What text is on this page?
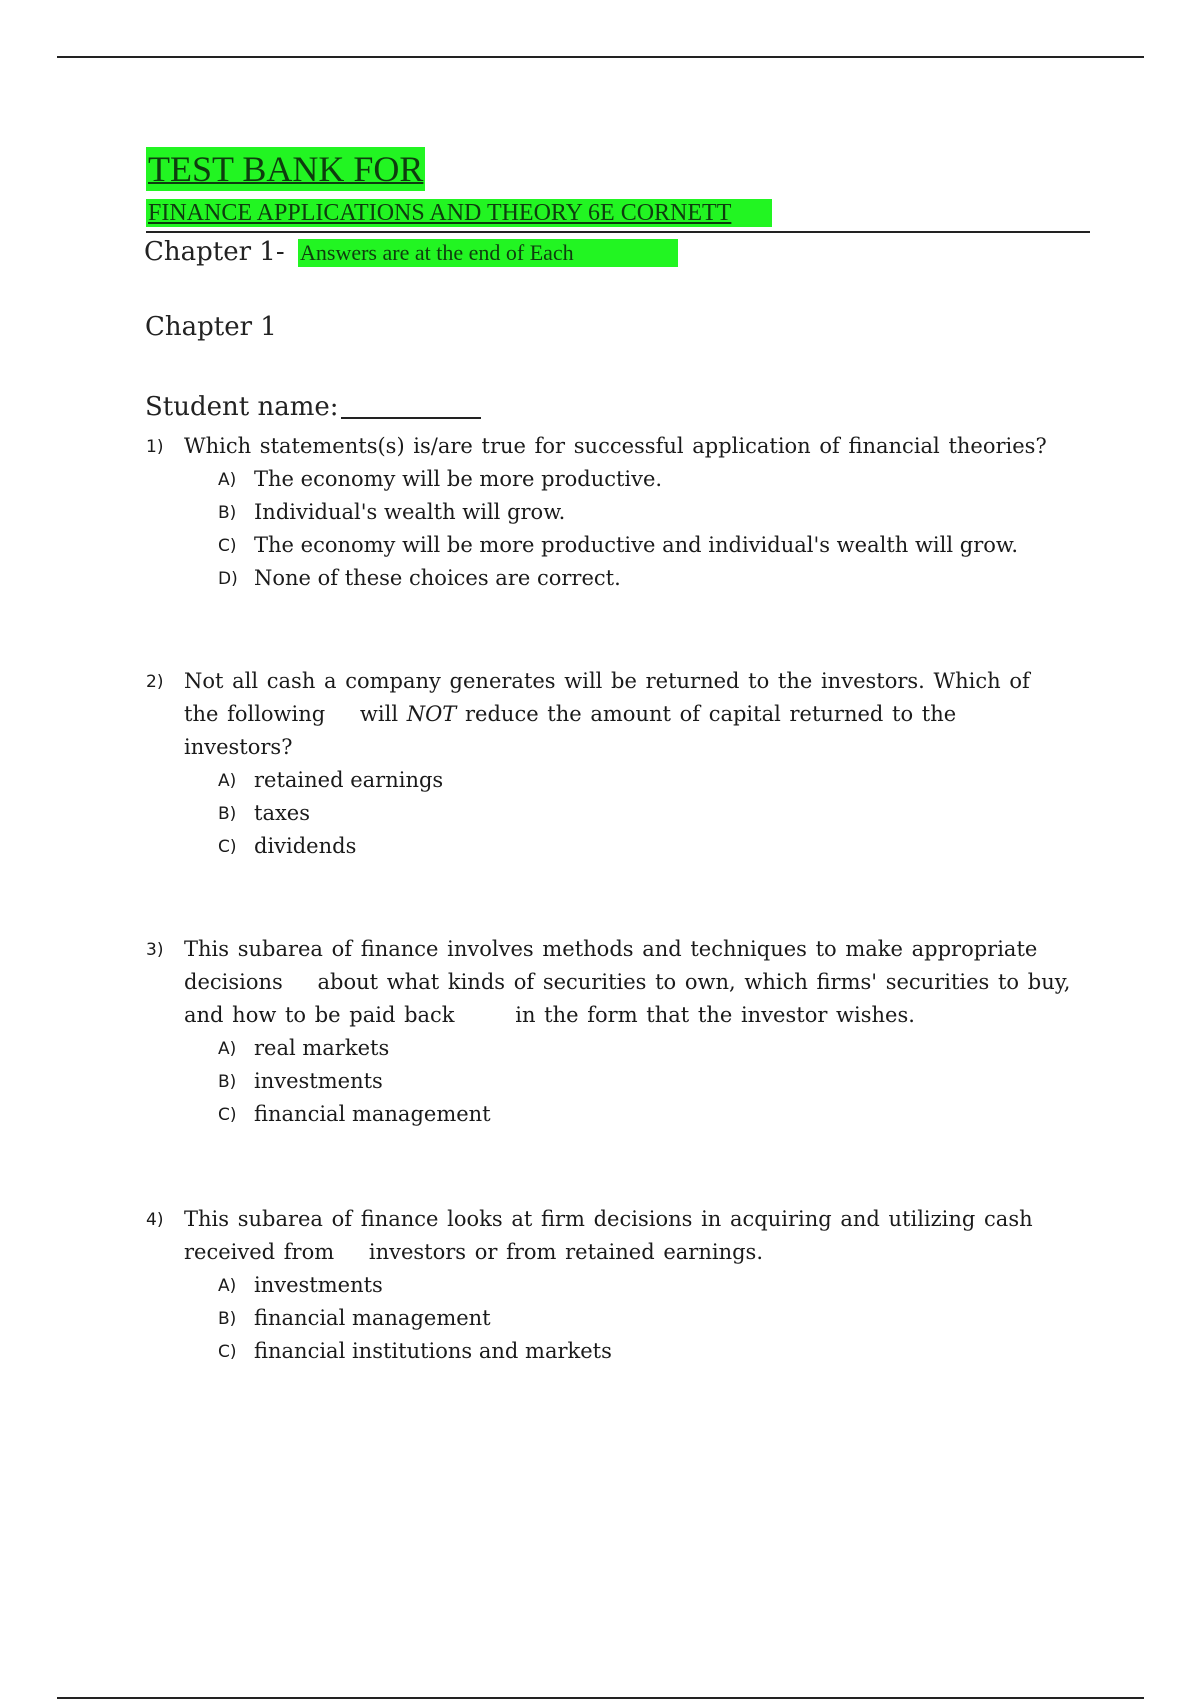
TEST BANK FOR
FINANCE APPLICATIONS AND THEORY 6E CORNETT
Chapter 1- Answers are at the end of Each
Chapter 1
Student name:
1) Which statements(s) is/are true for successful application of financial theories?
A) The economy will be more productive.
B) Individual's wealth will grow.
C) The economy will be more productive and individual's wealth will grow.
D) None of these choices are correct.
2) Not all cash a company generates will be returned to the investors. Which of
the following    will NOT reduce the amount of capital returned to the
investors?
A) retained earnings
B) taxes
C) dividends
3) This subarea of finance involves methods and techniques to make appropriate
decisions    about what kinds of securities to own, which firms' securities to buy,
and how to be paid back       in the form that the investor wishes.
A) real markets
B) investments
C) financial management
4) This subarea of finance looks at firm decisions in acquiring and utilizing cash
received from    investors or from retained earnings.
A) investments
B) financial management
C) financial institutions and markets
